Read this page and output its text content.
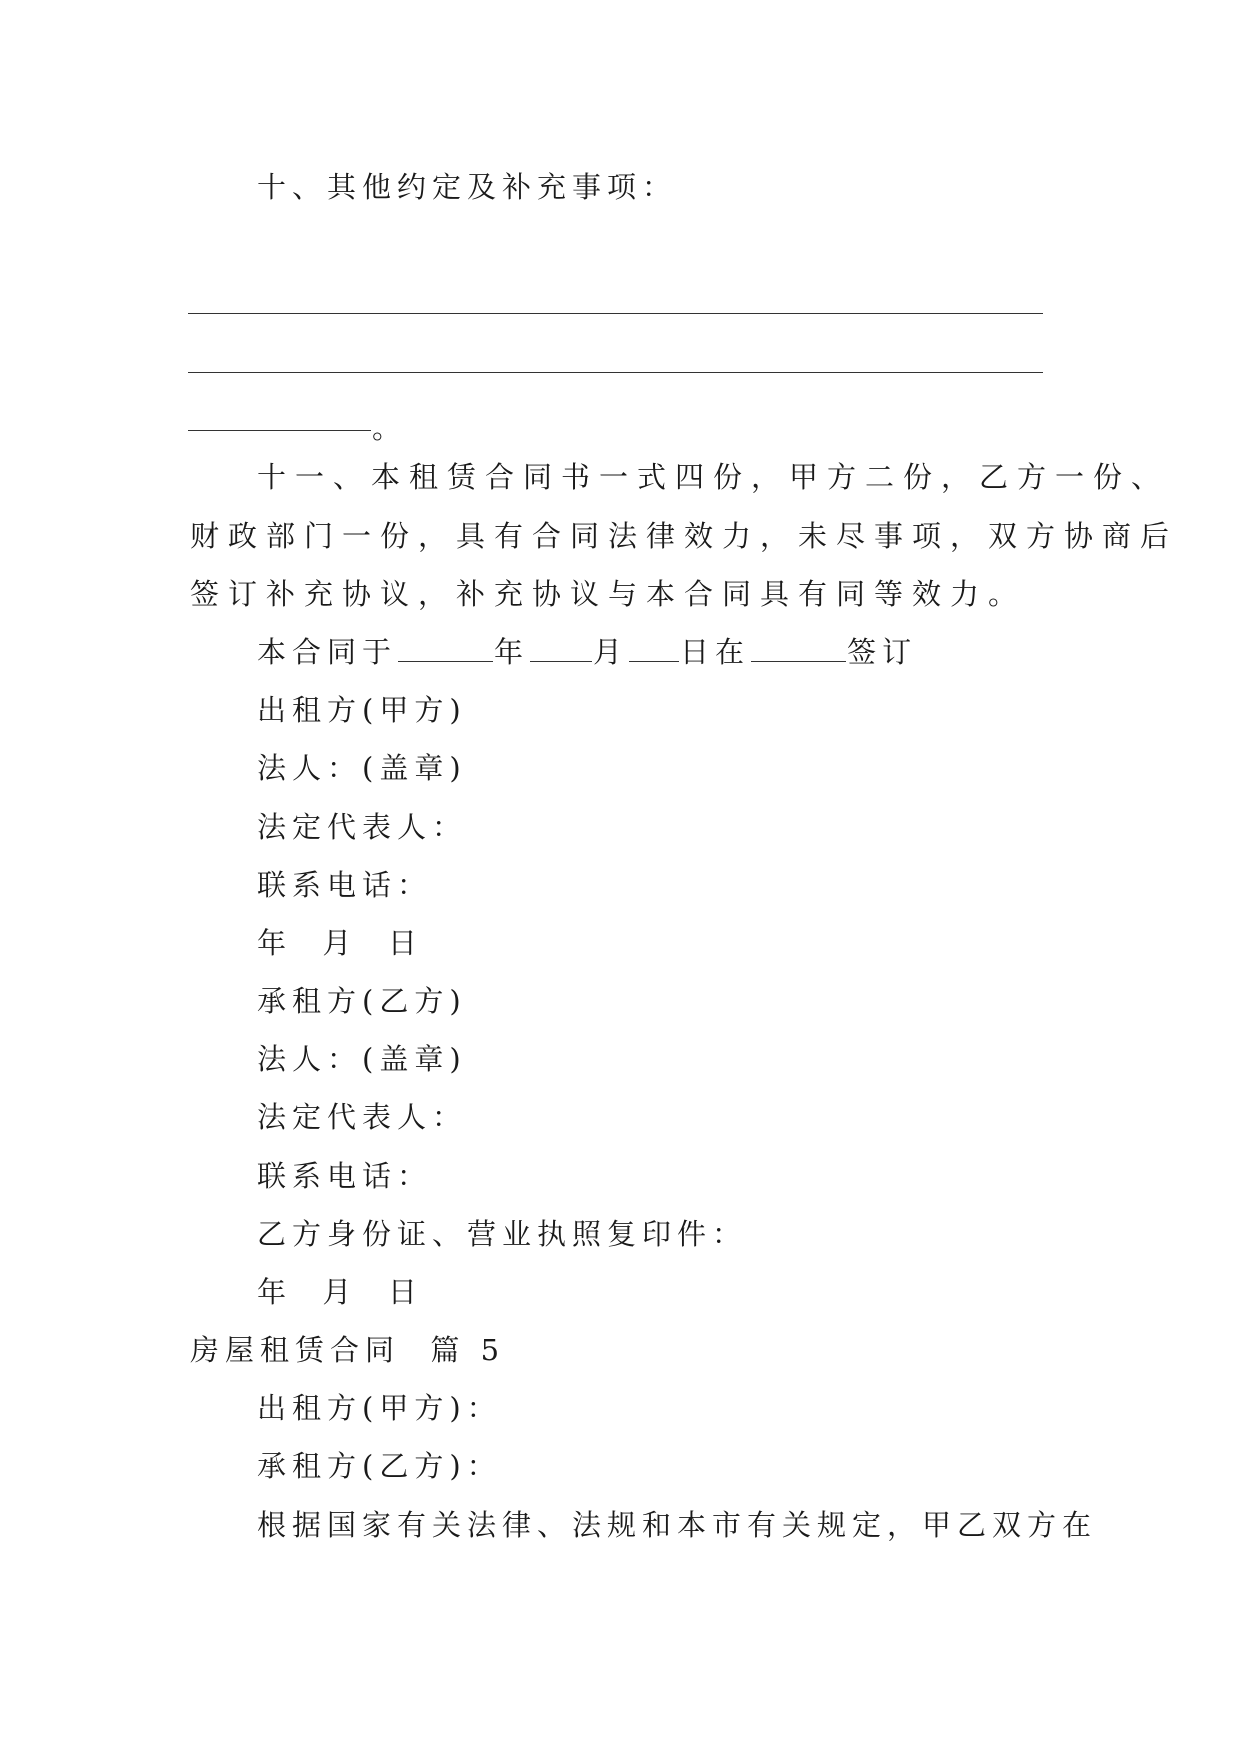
十、其他约定及补充事项：
。
十一、本租赁合同书一式四份，甲方二份，乙方一份、
财政部门一份，具有合同法律效力，未尽事项，双方协商后
签订补充协议，补充协议与本合同具有同等效力。
本合同于	年 月 日在	签订
出租方(甲方)
法人：(盖章)
法定代表人：
联系电话：
年  月  日
承租方(乙方)
法人：(盖章)
法定代表人：
联系电话：
乙方身份证、营业执照复印件：
年  月  日
房屋租赁合同  篇 5
出租方(甲方)：
承租方(乙方)：
根据国家有关法律、法规和本市有关规定，甲乙双方在
